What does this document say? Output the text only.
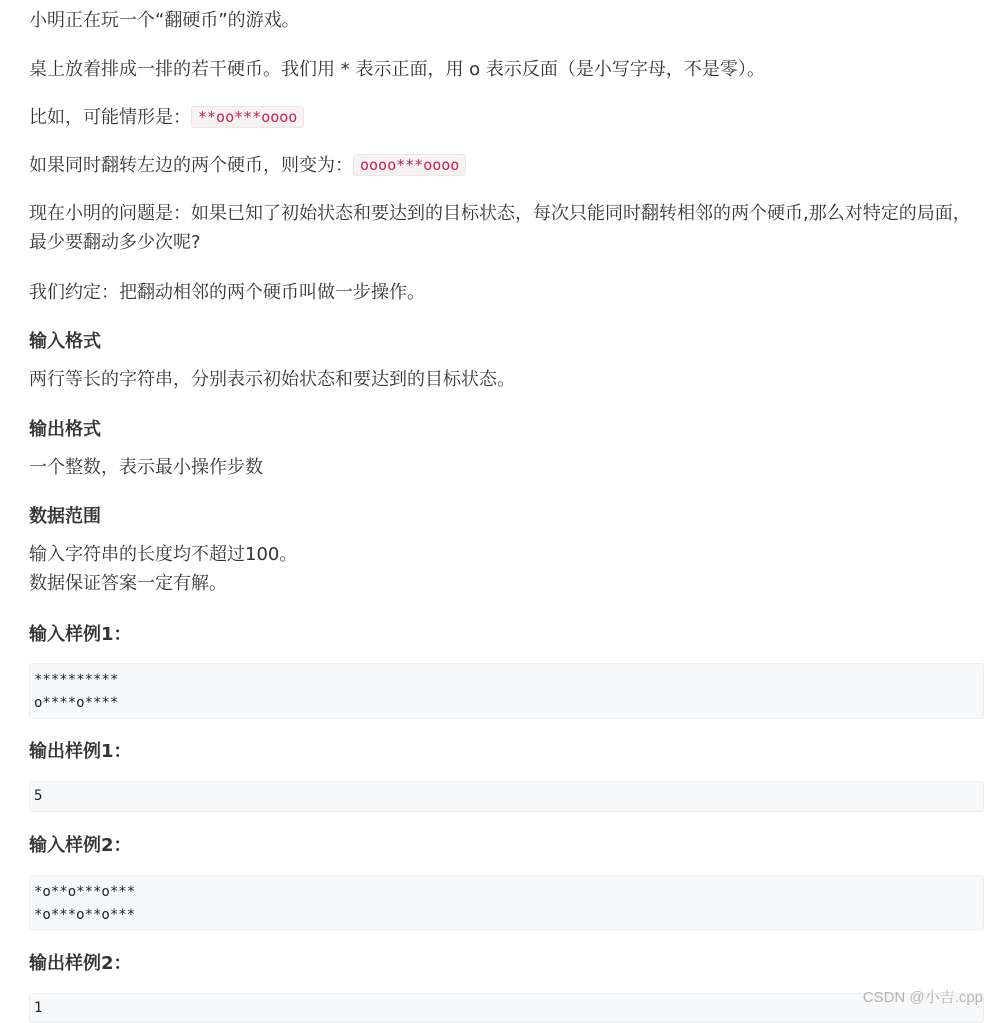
小明正在玩一个“翻硬币”的游戏。
桌上放着排成一排的若干硬币。我们用 * 表示正面，用 o 表示反面（是小写字母，不是零）。
比如，可能情形是： **oo***oooo
如果同时翻转左边的两个硬币，则变为： oooo***oooo
现在小明的问题是：如果已知了初始状态和要达到的目标状态，每次只能同时翻转相邻的两个硬币,那么对特定的局面，最少要翻动多少次呢?
我们约定：把翻动相邻的两个硬币叫做一步操作。
输入格式
两行等长的字符串，分别表示初始状态和要达到的目标状态。
输出格式
一个整数，表示最小操作步数
数据范围
输入字符串的长度均不超过100。
数据保证答案一定有解。
输入样例1：
**********
o****o****
输出样例1：
5
输入样例2：
*o**o***o***
*o***o**o***
输出样例2：
1
CSDN @小吉.cpp
